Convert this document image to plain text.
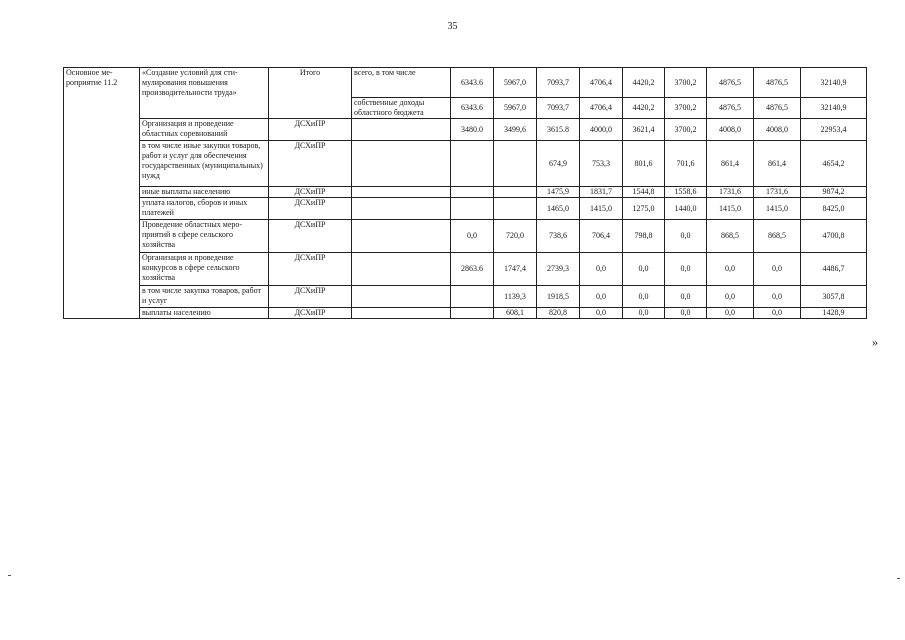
35
Основное ме-роприятие 11.2	«Создание условий для сти-мулирования повышения производительности труда»	Итого	всего, в том числе	6343.6	5967,0	7093,7	4706,4	4420,2	3700,2	4876,5	4876,5	32140,9
			собственные доходы областного бюджета	6343.6	5967,0	7093,7	4706,4	4420,2	3700,2	4876,5	4876,5	32140,9
	Организация и проведение областных соревнований	ДСХиПР		3480.0	3499,6	3615.8	4000,0	3621,4	3700,2	4008,0	4008,0	22953,4
	в том числе иные закупки товаров, работ и услуг для обеспечения государственных (муниципальных) нужд	ДСХиПР				674,9	753,3	801,6	701,6	861,4	861,4	4654,2
	иные выплаты населению	ДСХиПР				1475,9	1831,7	1544,8	1558,6	1731,6	1731,6	9874,2
	уплата налогов, сборов и иных платежей	ДСХиПР				1465,0	1415,0	1275,0	1440,0	1415,0	1415,0	8425,0
	Проведение областных меро-приятий в сфере сельского хозяйства	ДСХиПР		0,0	720,0	738,6	706,4	798,8	0,0	868,5	868,5	4700,8
	Организация и проведение конкурсов в сфере сельского хозяйства	ДСХиПР		2863.6	1747,4	2739,3	0,0	0,0	0,0	0,0	0,0	4486,7
	в том числе закупка товаров, работ и услуг	ДСХиПР			1139,3	1918,5	0,0	0,0	0,0	0,0	0,0	3057,8
	выплаты населению	ДСХиПР			608,1	820,8	0,0	0,0	0,0	0,0	0,0	1428,9
»
